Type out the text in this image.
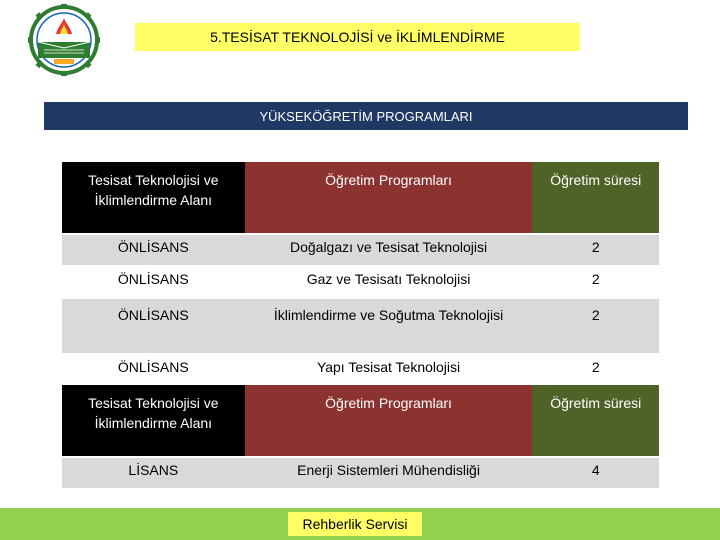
5.TESİSAT TEKNOLOJİSİ ve İKLİMLENDİRME
YÜKSEKÖĞRETİM PROGRAMLARI
Tesisat Teknolojisi ve İklimlendirme Alanı	Öğretim Programları	Öğretim süresi
ÖNLİSANS	Doğalgazı ve Tesisat Teknolojisi	2
ÖNLİSANS	Gaz ve Tesisatı Teknolojisi	2
ÖNLİSANS	İklimlendirme ve Soğutma Teknolojisi	2
ÖNLİSANS	Yapı Tesisat Teknolojisi	2
Tesisat Teknolojisi ve İklimlendirme Alanı	Öğretim Programları	Öğretim süresi
LİSANS	Enerji Sistemleri Mühendisliği	4
Rehberlik Servisi
